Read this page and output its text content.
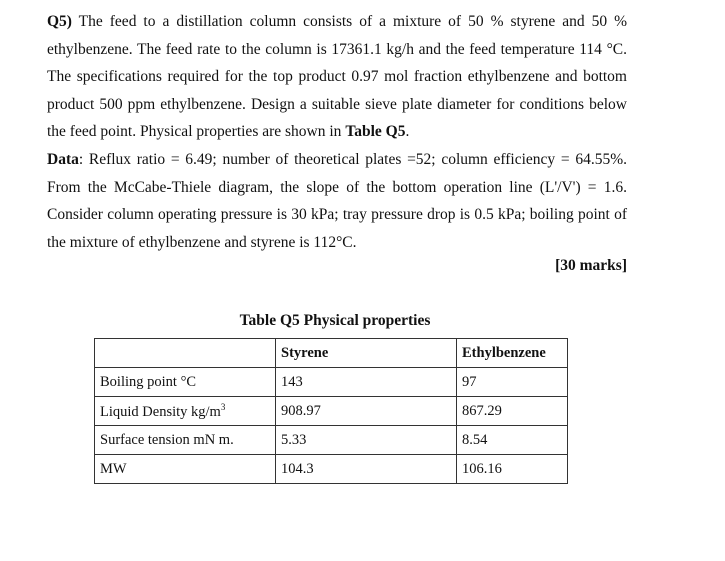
Q5) The feed to a distillation column consists of a mixture of 50 % styrene and 50 % ethylbenzene. The feed rate to the column is 17361.1 kg/h and the feed temperature 114 °C. The specifications required for the top product 0.97 mol fraction ethylbenzene and bottom product 500 ppm ethylbenzene. Design a suitable sieve plate diameter for conditions below the feed point. Physical properties are shown in Table Q5.

Data: Reflux ratio = 6.49; number of theoretical plates =52; column efficiency = 64.55%. From the McCabe-Thiele diagram, the slope of the bottom operation line (L'/V') = 1.6. Consider column operating pressure is 30 kPa; tray pressure drop is 0.5 kPa; boiling point of the mixture of ethylbenzene and styrene is 112°C.

[30 marks]
Table Q5 Physical properties
	Styrene	Ethylbenzene
Boiling point °C	143	97
Liquid Density $kg/m^3$	908.97	867.29
Surface tension mN m.	5.33	8.54
MW	104.3	106.16
